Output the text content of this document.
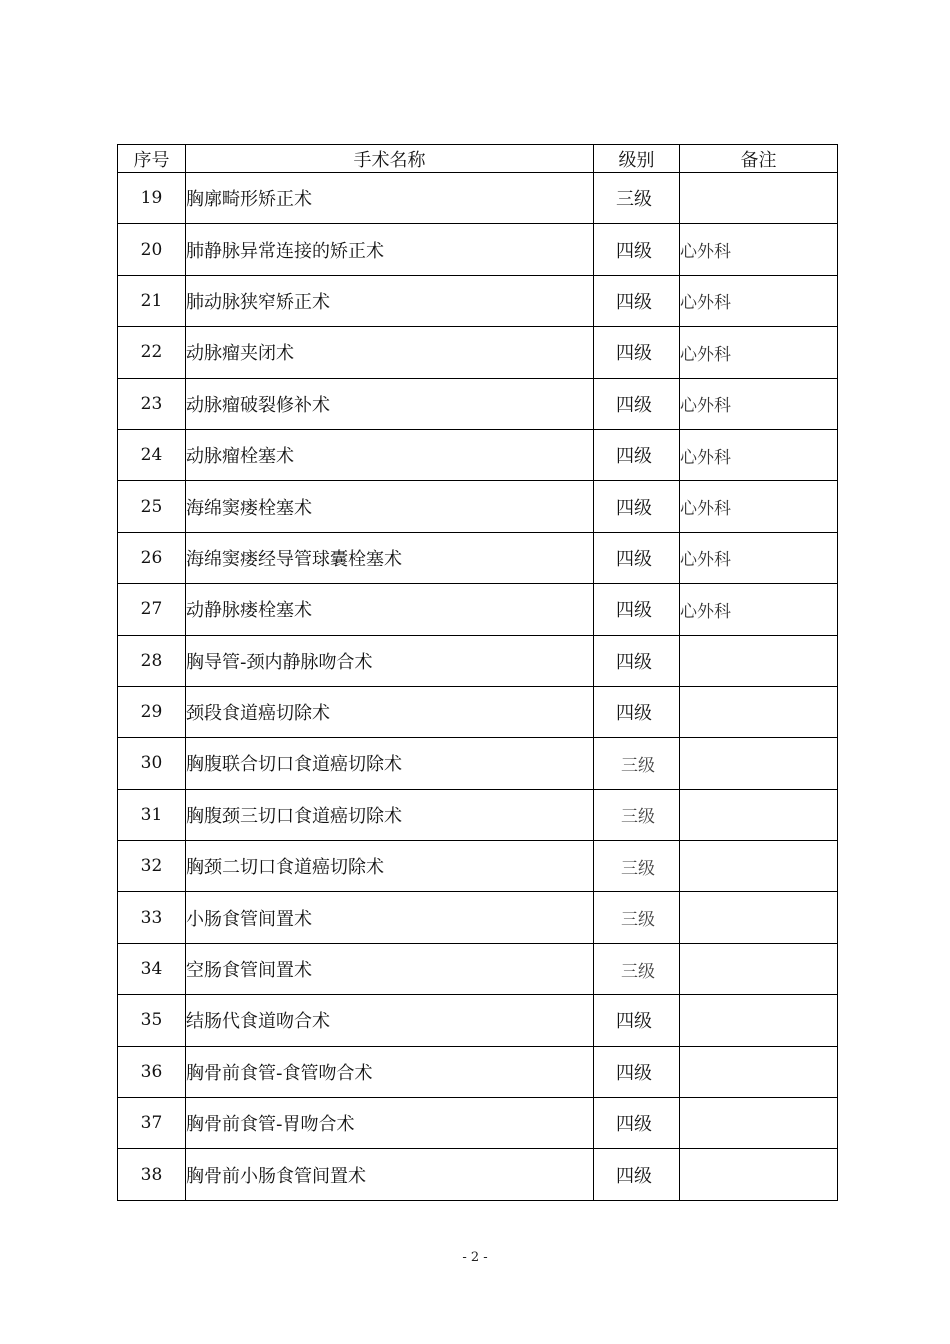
序号	手术名称	级别	备注
19	胸廓畸形矫正术	三级	
20	肺静脉异常连接的矫正术	四级	心外科
21	肺动脉狭窄矫正术	四级	心外科
22	动脉瘤夹闭术	四级	心外科
23	动脉瘤破裂修补术	四级	心外科
24	动脉瘤栓塞术	四级	心外科
25	海绵窦瘘栓塞术	四级	心外科
26	海绵窦瘘经导管球囊栓塞术	四级	心外科
27	动静脉瘘栓塞术	四级	心外科
28	胸导管-颈内静脉吻合术	四级	
29	颈段食道癌切除术	四级	
30	胸腹联合切口食道癌切除术	三级	
31	胸腹颈三切口食道癌切除术	三级	
32	胸颈二切口食道癌切除术	三级	
33	小肠食管间置术	三级	
34	空肠食管间置术	三级	
35	结肠代食道吻合术	四级	
36	胸骨前食管-食管吻合术	四级	
37	胸骨前食管-胃吻合术	四级	
38	胸骨前小肠食管间置术	四级	
- 2 -
